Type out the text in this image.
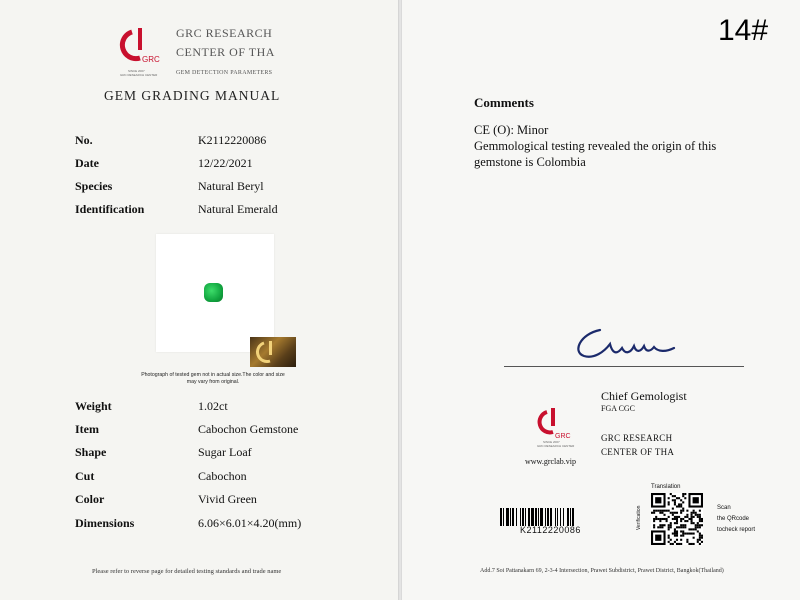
GRC
SINCE 2007
GRC RESEARCH CENTER
GRC RESEARCH
CENTER OF THA
GEM DETECTION PARAMETERS
GEM GRADING MANUAL
No.	K2112220086
Date	12/22/2021
Species	Natural Beryl
Identification	Natural Emerald
Photograph of tested gem not in actual size.The color and size may vary from original.
Weight	1.02ct
Item	Cabochon Gemstone
Shape	Sugar Loaf
Cut	Cabochon
Color	Vivid Green
Dimensions	6.06×6.01×4.20(mm)
Please refer to reverse page for detailed testing standards and trade name
14#
Comments
CE (O): Minor
Gemmological testing revealed the origin of this
gemstone is Colombia
Carrie
Chief Gemologist
FGA CGC
GRC
SINCE 2007
GRC RESEARCH CENTER
GRC RESEARCH
CENTER OF THA
www.grclab.vip
K2112220086
Translation
Verification	Scan
the QRcode
tocheck report
Add.7 Soi Pattanakarn 69, 2-3-4 Intersection, Prawet Subdistrict, Prawet District, Bangkok(Thailand)
